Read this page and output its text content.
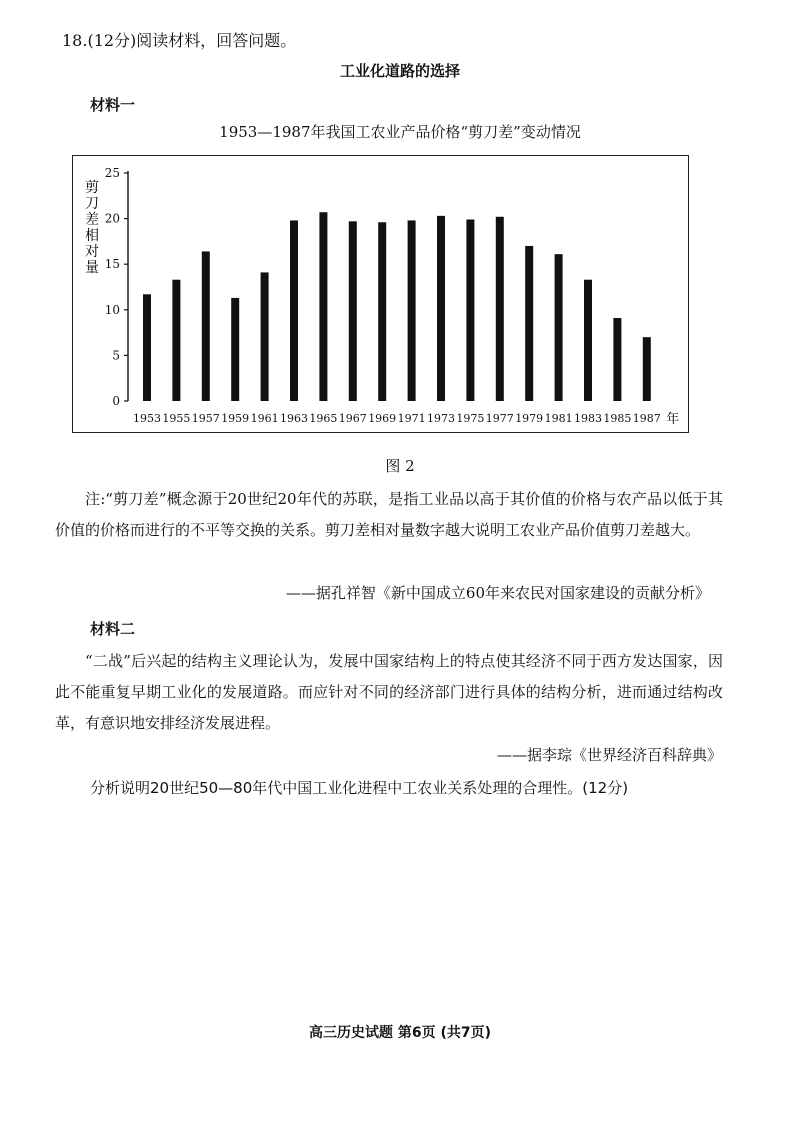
18.(12分)阅读材料，回答问题。
工业化道路的选择
材料一
1953—1987年我国工农业产品价格“剪刀差”变动情况
1953 1955 1957 1959 1961 1963 1965 1967 1969 1971 1973 1975 1977 1979 1981 1983 1985 1987
0
5
10
15
20
25
剪刀差相对量
年
图 2
注:“剪刀差”概念源于20世纪20年代的苏联，是指工业品以高于其价值的价格与农产品以低于其价值的价格而进行的不平等交换的关系。剪刀差相对量数字越大说明工农业产品价值剪刀差越大。
——据孔祥智《新中国成立60年来农民对国家建设的贡献分析》
材料二
“二战”后兴起的结构主义理论认为，发展中国家结构上的特点使其经济不同于西方发达国家，因此不能重复早期工业化的发展道路。而应针对不同的经济部门进行具体的结构分析，进而通过结构改革，有意识地安排经济发展进程。
——据李琮《世界经济百科辞典》
分析说明20世纪50—80年代中国工业化进程中工农业关系处理的合理性。(12分)
高三历史试题 第6页 (共7页)
